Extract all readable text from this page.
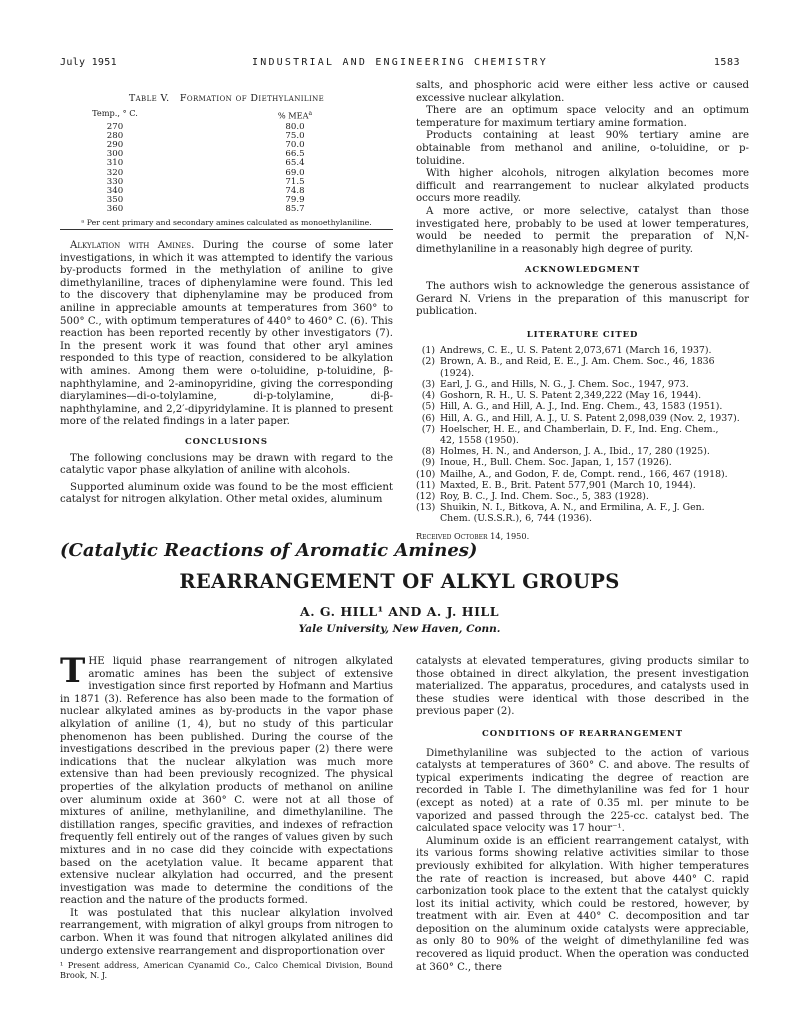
July 1951	INDUSTRIAL AND ENGINEERING CHEMISTRY	1583
Table V. Formation of Diethylaniline
Temp., ° C.	% MEA$^a$
270	80.0
280	75.0
290	70.0
300	66.5
310	65.4
320	69.0
330	71.5
340	74.8
350	79.9
360	85.7
ᵃ Per cent primary and secondary amines calculated as monoethylaniline.

Alkylation with Amines. During the course of some later investigations, in which it was attempted to identify the various by-products formed in the methylation of aniline to give dimethylaniline, traces of diphenylamine were found. This led to the discovery that diphenylamine may be produced from aniline in appreciable amounts at temperatures from 360° to 500° C., with optimum temperatures of 440° to 460° C. (6). This reaction has been reported recently by other investigators (7). In the present work it was found that other aryl amines responded to this type of reaction, considered to be alkylation with amines. Among them were o-toluidine, p-toluidine, β-naphthylamine, and 2-aminopyridine, giving the corresponding diarylamines—di-o-tolylamine, di-p-tolylamine, di-β-naphthylamine, and 2,2′-dipyridylamine. It is planned to present more of the related findings in a later paper.

CONCLUSIONS

The following conclusions may be drawn with regard to the catalytic vapor phase alkylation of aniline with alcohols.

Supported aluminum oxide was found to be the most efficient catalyst for nitrogen alkylation. Other metal oxides, aluminum

salts, and phosphoric acid were either less active or caused excessive nuclear alkylation.

There are an optimum space velocity and an optimum temperature for maximum tertiary amine formation.

Products containing at least 90% tertiary amine are obtainable from methanol and aniline, o-toluidine, or p-toluidine.

With higher alcohols, nitrogen alkylation becomes more difficult and rearrangement to nuclear alkylated products occurs more readily.

A more active, or more selective, catalyst than those investigated here, probably to be used at lower temperatures, would be needed to permit the preparation of N,N-dimethylaniline in a reasonably high degree of purity.

ACKNOWLEDGMENT

The authors wish to acknowledge the generous assistance of Gerard N. Vriens in the preparation of this manuscript for publication.

LITERATURE CITED
(1) Andrews, C. E., U. S. Patent 2,073,671 (March 16, 1937).
(2) Brown, A. B., and Reid, E. E., J. Am. Chem. Soc., 46, 1836
(1924).
(3) Earl, J. G., and Hills, N. G., J. Chem. Soc., 1947, 973.
(4) Goshorn, R. H., U. S. Patent 2,349,222 (May 16, 1944).
(5) Hill, A. G., and Hill, A. J., Ind. Eng. Chem., 43, 1583 (1951).
(6) Hill, A. G., and Hill, A. J., U. S. Patent 2,098,039 (Nov. 2, 1937).
(7) Hoelscher, H. E., and Chamberlain, D. F., Ind. Eng. Chem.,
42, 1558 (1950).
(8) Holmes, H. N., and Anderson, J. A., Ibid., 17, 280 (1925).
(9) Inoue, H., Bull. Chem. Soc. Japan, 1, 157 (1926).
(10) Mailhe, A., and Godon, F. de, Compt. rend., 166, 467 (1918).
(11) Maxted, E. B., Brit. Patent 577,901 (March 10, 1944).
(12) Roy, B. C., J. Ind. Chem. Soc., 5, 383 (1928).
(13) Shuikin, N. I., Bitkova, A. N., and Ermilina, A. F., J. Gen.
Chem. (U.S.S.R.), 6, 744 (1936).
Received October 14, 1950.
(Catalytic Reactions of Aromatic Amines)
REARRANGEMENT OF ALKYL GROUPS
A. G. HILL¹ AND A. J. HILL
Yale University, New Haven, Conn.

THE liquid phase rearrangement of nitrogen alkylated aromatic amines has been the subject of extensive investigation since first reported by Hofmann and Martius in 1871 (3). Reference has also been made to the formation of nuclear alkylated amines as by-products in the vapor phase alkylation of aniline (1, 4), but no study of this particular phenomenon has been published. During the course of the investigations described in the previous paper (2) there were indications that the nuclear alkylation was much more extensive than had been previously recognized. The physical properties of the alkylation products of methanol on aniline over aluminum oxide at 360° C. were not at all those of mixtures of aniline, methylaniline, and dimethylaniline. The distillation ranges, specific gravities, and indexes of refraction frequently fell entirely out of the ranges of values given by such mixtures and in no case did they coincide with expectations based on the acetylation value. It became apparent that extensive nuclear alkylation had occurred, and the present investigation was made to determine the conditions of the reaction and the nature of the products formed.

It was postulated that this nuclear alkylation involved rearrangement, with migration of alkyl groups from nitrogen to carbon. When it was found that nitrogen alkylated anilines did undergo extensive rearrangement and disproportionation over

¹ Present address, American Cyanamid Co., Calco Chemical Division, Bound Brook, N. J.

catalysts at elevated temperatures, giving products similar to those obtained in direct alkylation, the present investigation materialized. The apparatus, procedures, and catalysts used in these studies were identical with those described in the previous paper (2).

CONDITIONS OF REARRANGEMENT

Dimethylaniline was subjected to the action of various catalysts at temperatures of 360° C. and above. The results of typical experiments indicating the degree of reaction are recorded in Table I. The dimethylaniline was fed for 1 hour (except as noted) at a rate of 0.35 ml. per minute to be vaporized and passed through the 225-cc. catalyst bed. The calculated space velocity was 17 hour⁻¹.

Aluminum oxide is an efficient rearrangement catalyst, with its various forms showing relative activities similar to those previously exhibited for alkylation. With higher temperatures the rate of reaction is increased, but above 440° C. rapid carbonization took place to the extent that the catalyst quickly lost its initial activity, which could be restored, however, by treatment with air. Even at 440° C. decomposition and tar deposition on the aluminum oxide catalysts were appreciable, as only 80 to 90% of the weight of dimethylaniline fed was recovered as liquid product. When the operation was conducted at 360° C., there
